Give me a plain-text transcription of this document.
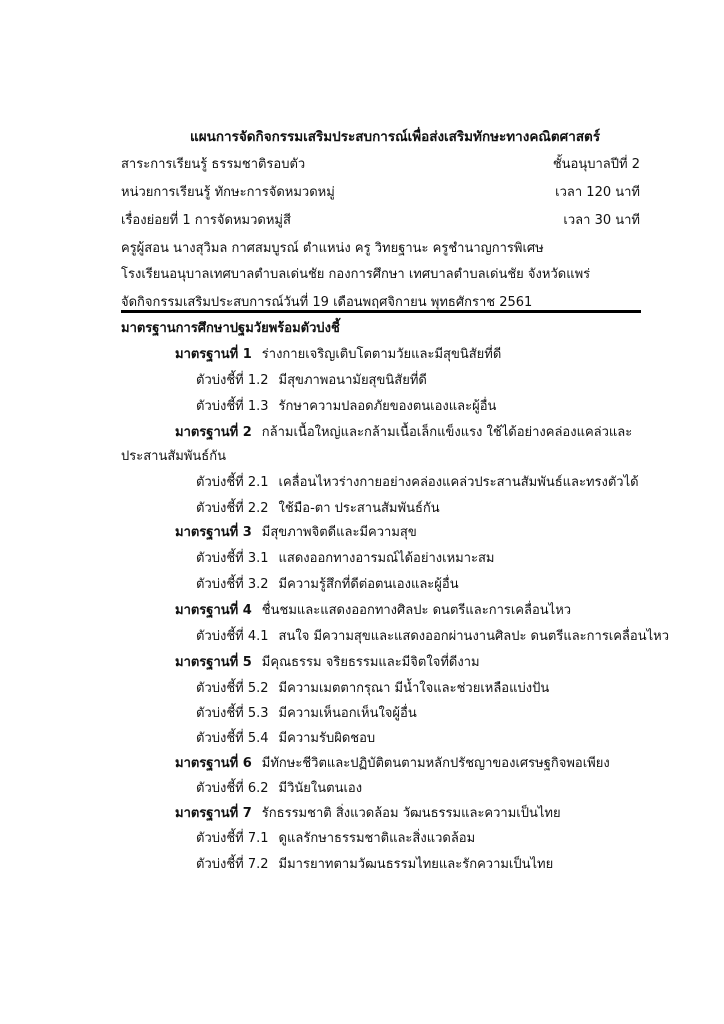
แผนการจัดกิจกรรมเสริมประสบการณ์เพื่อส่งเสริมทักษะทางคณิตศาสตร์
สาระการเรียนรู้ ธรรมชาติรอบตัว	ชั้นอนุบาลปีที่ 2
หน่วยการเรียนรู้ ทักษะการจัดหมวดหมู่	เวลา 120 นาที
เรื่องย่อยที่ 1 การจัดหมวดหมู่สี	เวลา 30 นาที
ครูผู้สอน นางสุวิมล กาศสมบูรณ์ ตำแหน่ง ครู วิทยฐานะ ครูชำนาญการพิเศษ
โรงเรียนอนุบาลเทศบาลตำบลเด่นชัย กองการศึกษา เทศบาลตำบลเด่นชัย จังหวัดแพร่
จัดกิจกรรมเสริมประสบการณ์วันที่ 19 เดือนพฤศจิกายน พุทธศักราช 2561
มาตรฐานการศึกษาปฐมวัยพร้อมตัวบ่งชี้
มาตรฐานที่ 1 ร่างกายเจริญเติบโตตามวัยและมีสุขนิสัยที่ดี
ตัวบ่งชี้ที่ 1.2 มีสุขภาพอนามัยสุขนิสัยที่ดี
ตัวบ่งชี้ที่ 1.3 รักษาความปลอดภัยของตนเองและผู้อื่น
มาตรฐานที่ 2 กล้ามเนื้อใหญ่และกล้ามเนื้อเล็กแข็งแรง ใช้ได้อย่างคล่องแคล่วและ
ประสานสัมพันธ์กัน
ตัวบ่งชี้ที่ 2.1 เคลื่อนไหวร่างกายอย่างคล่องแคล่วประสานสัมพันธ์และทรงตัวได้
ตัวบ่งชี้ที่ 2.2 ใช้มือ-ตา ประสานสัมพันธ์กัน
มาตรฐานที่ 3 มีสุขภาพจิตดีและมีความสุข
ตัวบ่งชี้ที่ 3.1 แสดงออกทางอารมณ์ได้อย่างเหมาะสม
ตัวบ่งชี้ที่ 3.2 มีความรู้สึกที่ดีต่อตนเองและผู้อื่น
มาตรฐานที่ 4 ชื่นชมและแสดงออกทางศิลปะ ดนตรีและการเคลื่อนไหว
ตัวบ่งชี้ที่ 4.1 สนใจ มีความสุขและแสดงออกผ่านงานศิลปะ ดนตรีและการเคลื่อนไหว
มาตรฐานที่ 5 มีคุณธรรม จริยธรรมและมีจิตใจที่ดีงาม
ตัวบ่งชี้ที่ 5.2 มีความเมตตากรุณา มีน้ำใจและช่วยเหลือแบ่งปัน
ตัวบ่งชี้ที่ 5.3 มีความเห็นอกเห็นใจผู้อื่น
ตัวบ่งชี้ที่ 5.4 มีความรับผิดชอบ
มาตรฐานที่ 6 มีทักษะชีวิตและปฏิบัติตนตามหลักปรัชญาของเศรษฐกิจพอเพียง
ตัวบ่งชี้ที่ 6.2 มีวินัยในตนเอง
มาตรฐานที่ 7 รักธรรมชาติ สิ่งแวดล้อม วัฒนธรรมและความเป็นไทย
ตัวบ่งชี้ที่ 7.1 ดูแลรักษาธรรมชาติและสิ่งแวดล้อม
ตัวบ่งชี้ที่ 7.2 มีมารยาทตามวัฒนธรรมไทยและรักความเป็นไทย
